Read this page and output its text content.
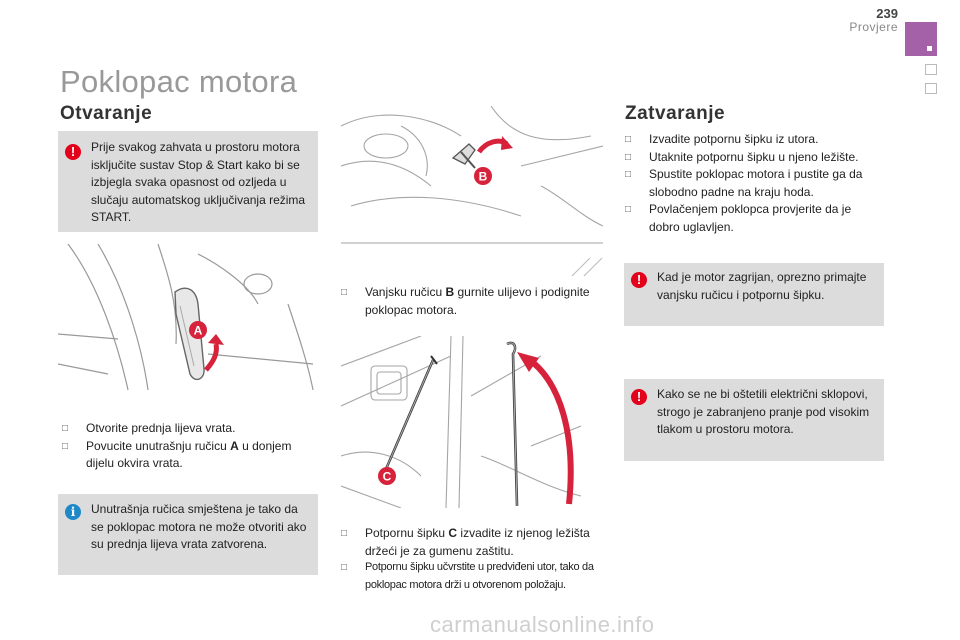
239
Provjere
Poklopac motora
Otvaranje
!	Prije svakog zahvata u prostoru motora isključite sustav Stop & Start kako bi se izbjegla svaka opasnost od ozljeda u slučaju automatskog uključivanja režima START.
A
□ Otvorite prednja lijeva vrata.
□ Povucite unutrašnju ručicu A u donjem dijelu okvira vrata.
i	Unutrašnja ručica smještena je tako da se poklopac motora ne može otvoriti ako su prednja lijeva vrata zatvorena.
B
□ Vanjsku ručicu B gurnite ulijevo i podignite poklopac motora.
C
□ Potpornu šipku C izvadite iz njenog ležišta držeći je za gumenu zaštitu.
□ Potpornu šipku učvrstite u predviđeni utor, tako da poklopac motora drži u otvorenom položaju.
Zatvaranje
□ Izvadite potpornu šipku iz utora.
□ Utaknite potpornu šipku u njeno ležište.
□ Spustite poklopac motora i pustite ga da slobodno padne na kraju hoda.
□ Povlačenjem poklopca provjerite da je dobro uglavljen.
!	Kad je motor zagrijan, oprezno primajte vanjsku ručicu i potpornu šipku.
!	Kako se ne bi oštetili električni sklopovi, strogo je zabranjeno pranje pod visokim tlakom u prostoru motora.
carmanualsonline.info
